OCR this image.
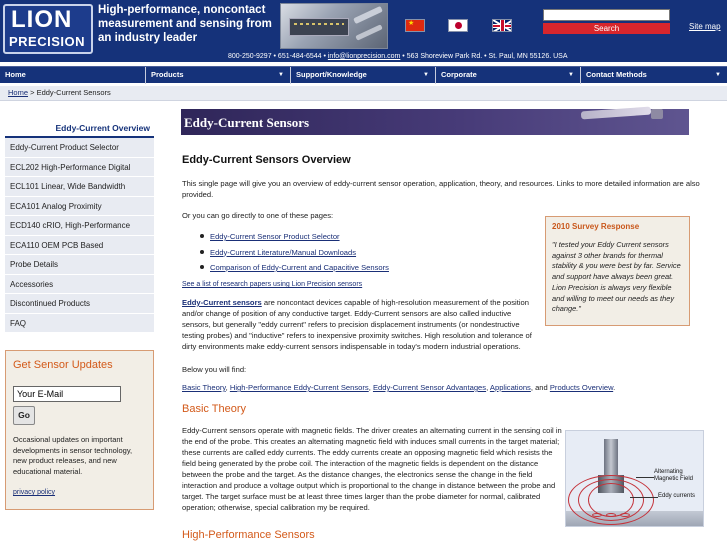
LION
PRECISION
High-performance, noncontact measurement and sensing from an industry leader
★
Search	Site map
800-250-9297 • 651-484-6544 • info@lionprecision.com • 563 Shoreview Park Rd. • St. Paul, MN 55126. USA
Home	Products	▼	Support/Knowledge	▼	Corporate	▼	Contact Methods	▼
Home > Eddy-Current Sensors
Eddy-Current Overview
Eddy-Current Product Selector
ECL202 High-Performance Digital
ECL101 Linear, Wide Bandwidth
ECA101 Analog Proximity
ECD140 cRIO, High-Performance
ECA110 OEM PCB Based
Probe Details
Accessories
Discontinued Products
FAQ
Get Sensor Updates
Your E-Mail
Go
Occasional updates on important developments in sensor technology, new product releases, and new educational material.
privacy policy
Eddy-Current Sensors
Eddy-Current Sensors Overview
This single page will give you an overview of eddy-current sensor operation, application, theory, and resources. Links to more detailed information are also provided.
Or you can go directly to one of these pages:
Eddy-Current Sensor Product Selector
Eddy-Current Literature/Manual Downloads
Comparison of Eddy-Current and Capacitive Sensors
See a list of research papers using Lion Precision sensors
Eddy-Current sensors are noncontact devices capable of high-resolution measurement of the position and/or change of position of any conductive target. Eddy-Current sensors are also called inductive sensors, but generally "eddy current" refers to precision displacement instruments (or nondestructive testing probes) and "inductive" refers to inexpensive proximity switches. High resolution and tolerance of dirty environments make eddy-current sensors indispensable in today's modern industrial operations.
Below you will find:
Basic Theory, High-Performance Eddy-Current Sensors, Eddy-Current Sensor Advantages, Applications, and Products Overview.
Basic Theory
Eddy-Current sensors operate with magnetic fields. The driver creates an alternating current in the sensing coil in the end of the probe. This creates an alternating magnetic field with induces small currents in the target material; these currents are called eddy currents. The eddy currents create an opposing magnetic field which resists the field being generated by the probe coil. The interaction of the magnetic fields is dependent on the distance between the probe and the target. As the distance changes, the electronics sense the change in the field interaction and produce a voltage output which is proportional to the change in distance between the probe and target. The target surface must be at least three times larger than the probe diameter for normal, calibrated operation; otherwise, special calibration my be required.
High-Performance Sensors
2010 Survey Response
"I tested your Eddy Current sensors against 3 other brands for thermal stability & you were best by far. Service and support have always been great. Lion Precision is always very flexible and willing to meet our needs as they change."
Alternating Magnetic Field
Eddy currents
